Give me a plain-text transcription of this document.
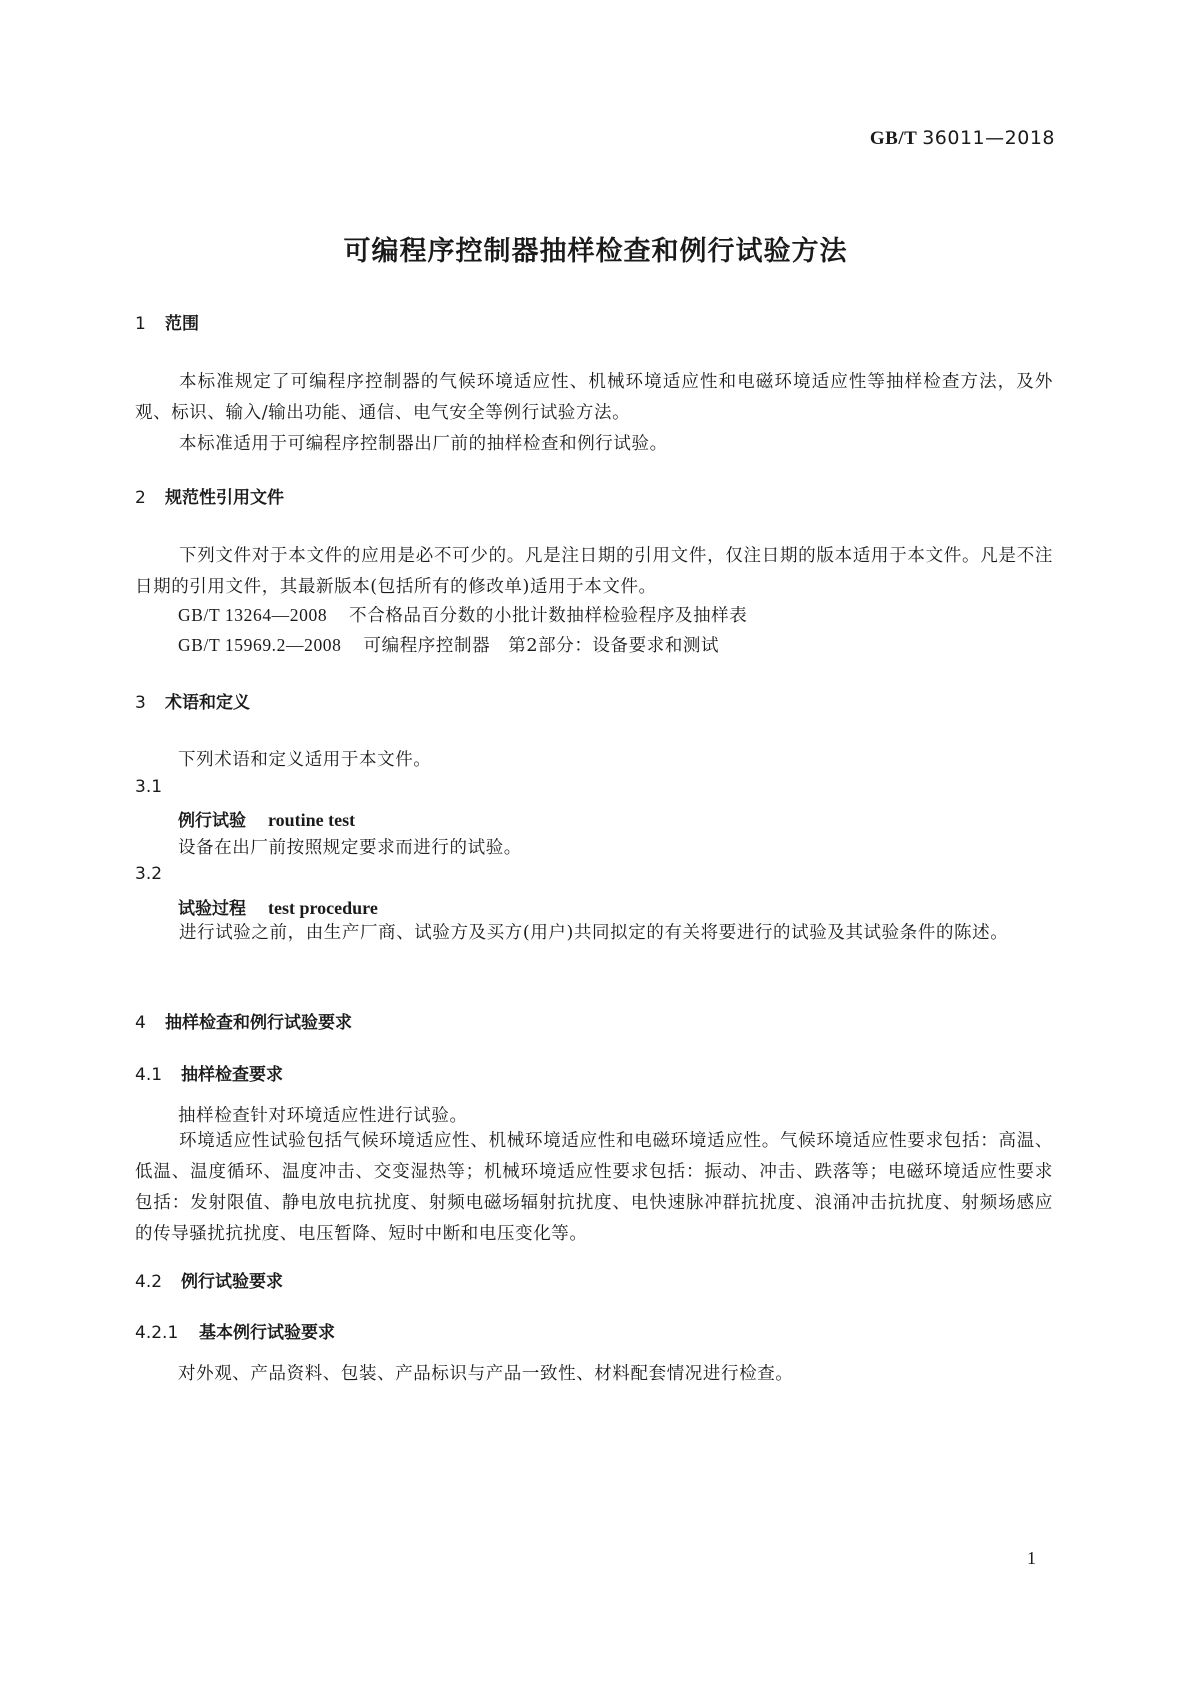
GB/T 36011—2018
可编程序控制器抽样检查和例行试验方法
1 范围
本标准规定了可编程序控制器的气候环境适应性、机械环境适应性和电磁环境适应性等抽样检查方法，及外观、标识、输入/输出功能、通信、电气安全等例行试验方法。
本标准适用于可编程序控制器出厂前的抽样检查和例行试验。
2 规范性引用文件
下列文件对于本文件的应用是必不可少的。凡是注日期的引用文件，仅注日期的版本适用于本文件。凡是不注日期的引用文件，其最新版本(包括所有的修改单)适用于本文件。
GB/T 13264—2008 不合格品百分数的小批计数抽样检验程序及抽样表
GB/T 15969.2—2008 可编程序控制器　第2部分：设备要求和测试
3 术语和定义
下列术语和定义适用于本文件。
3.1
例行试验 routine test
设备在出厂前按照规定要求而进行的试验。
3.2
试验过程 test procedure
进行试验之前，由生产厂商、试验方及买方(用户)共同拟定的有关将要进行的试验及其试验条件的陈述。
4 抽样检查和例行试验要求
4.1 抽样检查要求
抽样检查针对环境适应性进行试验。
环境适应性试验包括气候环境适应性、机械环境适应性和电磁环境适应性。气候环境适应性要求包括：高温、低温、温度循环、温度冲击、交变湿热等；机械环境适应性要求包括：振动、冲击、跌落等；电磁环境适应性要求包括：发射限值、静电放电抗扰度、射频电磁场辐射抗扰度、电快速脉冲群抗扰度、浪涌冲击抗扰度、射频场感应的传导骚扰抗扰度、电压暂降、短时中断和电压变化等。
4.2 例行试验要求
4.2.1 基本例行试验要求
对外观、产品资料、包装、产品标识与产品一致性、材料配套情况进行检查。
1
